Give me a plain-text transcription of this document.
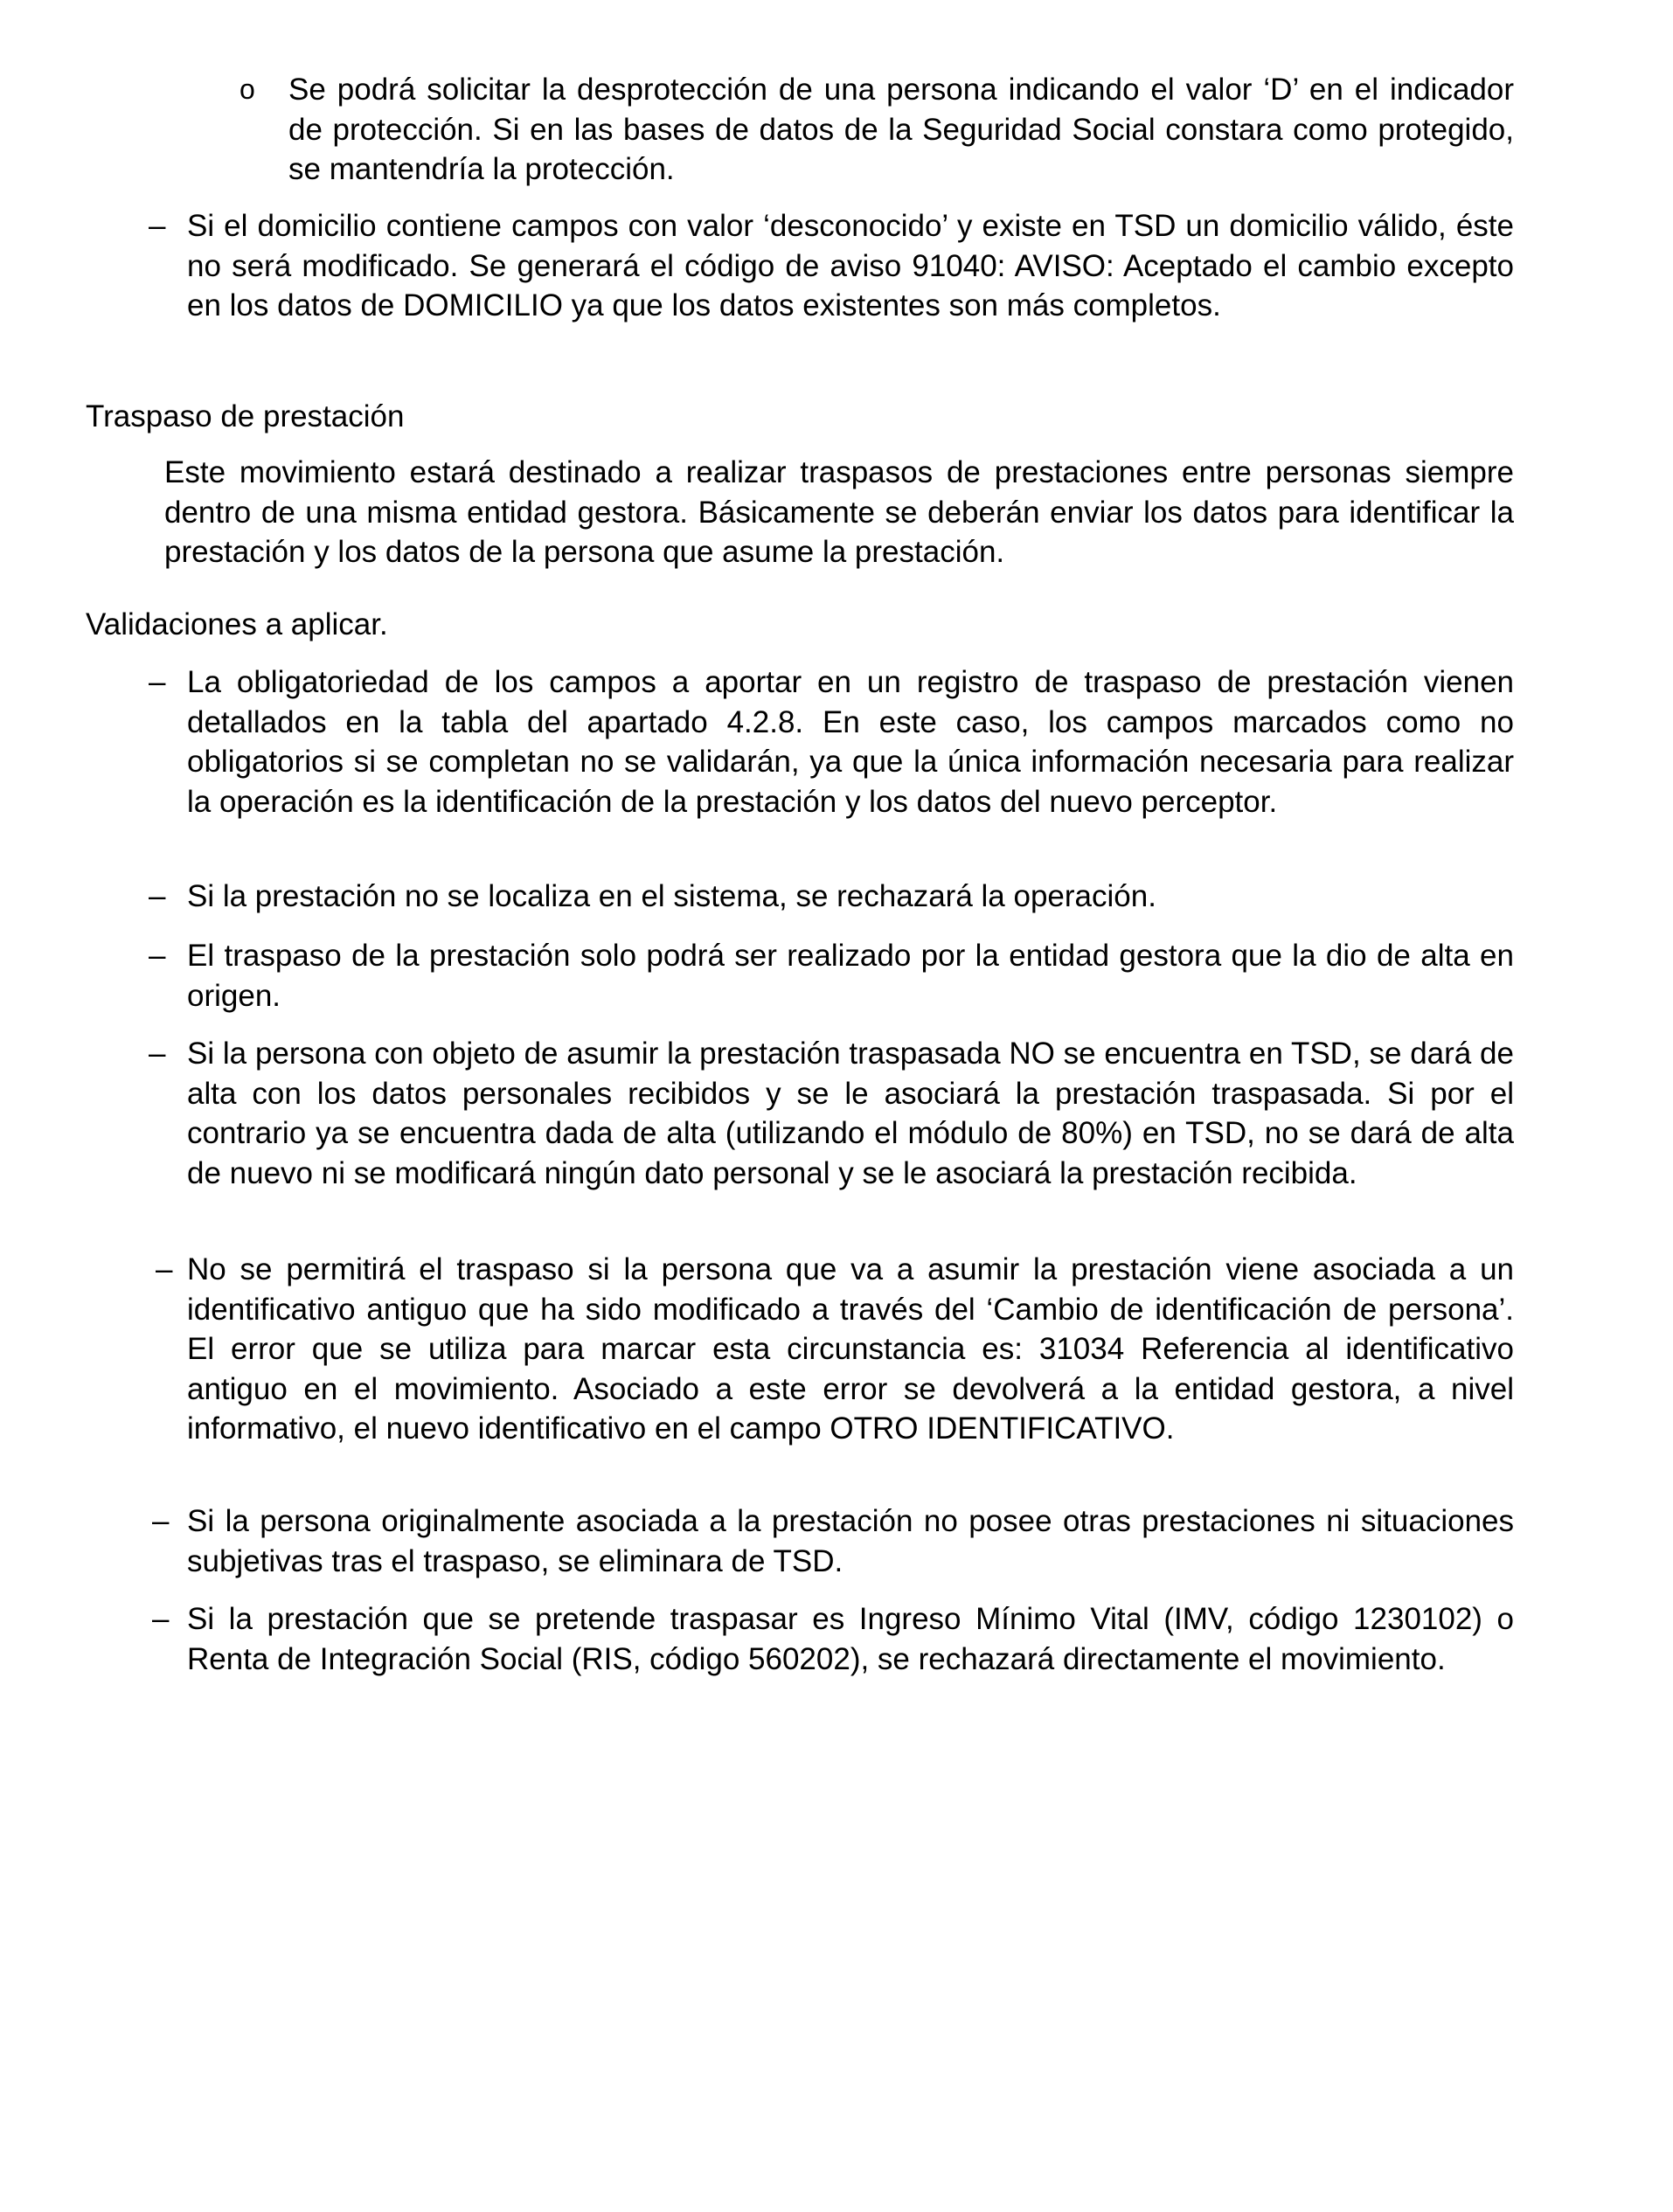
o Se podrá solicitar la desprotección de una persona indicando el valor ‘D’ en el indicador de protección. Si en las bases de datos de la Seguridad Social constara como protegido, se mantendría la protección.
– Si el domicilio contiene campos con valor ‘desconocido’ y existe en TSD un domicilio válido, éste no será modificado. Se generará el código de aviso 91040: AVISO: Aceptado el cambio excepto en los datos de DOMICILIO ya que los datos existentes son más completos.
Traspaso de prestación
Este movimiento estará destinado a realizar traspasos de prestaciones entre personas siempre dentro de una misma entidad gestora. Básicamente se deberán enviar los datos para identificar la prestación y los datos de la persona que asume la prestación.
Validaciones a aplicar.
– La obligatoriedad de los campos a aportar en un registro de traspaso de prestación vienen detallados en la tabla del apartado 4.2.8. En este caso, los campos marcados como no obligatorios si se completan no se validarán, ya que la única información necesaria para realizar la operación es la identificación de la prestación y los datos del nuevo perceptor.
– Si la prestación no se localiza en el sistema, se rechazará la operación.
– El traspaso de la prestación solo podrá ser realizado por la entidad gestora que la dio de alta en origen.
– Si la persona con objeto de asumir la prestación traspasada NO se encuentra en TSD, se dará de alta con los datos personales recibidos y se le asociará la prestación traspasada. Si por el contrario ya se encuentra dada de alta (utilizando el módulo de 80%) en TSD, no se dará de alta de nuevo ni se modificará ningún dato personal y se le asociará la prestación recibida.
– No se permitirá el traspaso si la persona que va a asumir la prestación viene asociada a un identificativo antiguo que ha sido modificado a través del ‘Cambio de identificación de persona’. El error que se utiliza para marcar esta circunstancia es: 31034 Referencia al identificativo antiguo en el movimiento. Asociado a este error se devolverá a la entidad gestora, a nivel informativo, el nuevo identificativo en el campo OTRO IDENTIFICATIVO.
– Si la persona originalmente asociada a la prestación no posee otras prestaciones ni situaciones subjetivas tras el traspaso, se eliminara de TSD.
– Si la prestación que se pretende traspasar es Ingreso Mínimo Vital (IMV, código 1230102) o Renta de Integración Social (RIS, código 560202), se rechazará directamente el movimiento.
